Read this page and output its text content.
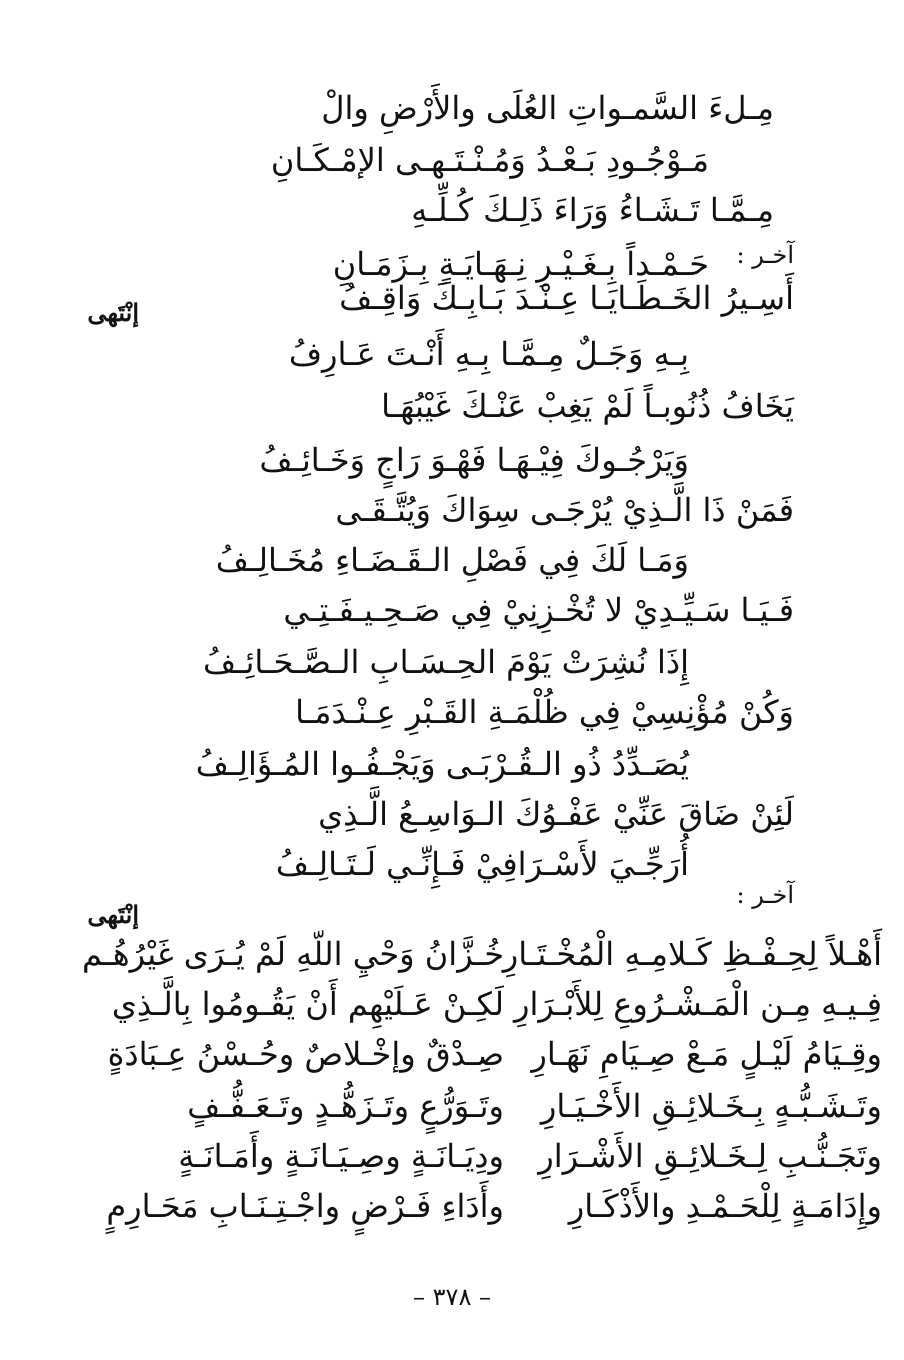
مِـلءَ السَّمـواتِ العُلَى والأَرْضِ والْ
مَـوْجُـودِ بَـعْـدُ وَمُـنْـتَـهـى الإمْـكَـانِ
مِـمَّـا تَـشَـاءُ وَرَاءَ ذَلِـكَ كُـلِّـهِ
حَـمْـداً بِـغَـيْـرِ نِـهَـايَـةٍ بِـزَمَـانِ آخـر :
إنْتَهى	أَسِـيرُ الخَـطَـايَـا عِـنْـدَ بَـابِـكَ وَاقِـفُ
بِـهِ وَجَـلٌ مِـمَّـا بِـهِ أَنْـتَ عَـارِفُ
يَخَافُ ذُنُوبـاً لَمْ يَغِبْ عَنْـكَ غَيْبُهَـا
وَيَرْجُـوكَ فِيْـهَـا فَهْـوَ رَاجٍ وَخَـائِـفُ
فَمَنْ ذَا الَّـذِيْ يُرْجَـى سِوَاكَ وَيُتَّـقَـى
وَمَـا لَكَ فِي فَصْلِ الـقَـضَـاءِ مُخَـالِـفُ
فَـيَـا سَـيِّـدِيْ لا تُخْـزِنِيْ فِي صَـحِـيـفَـتِـي
إِذَا نُشِرَتْ يَوْمَ الحِـسَـابِ الـصَّـحَـائِـفُ
وَكُنْ مُؤْنِسِيْ فِي ظُلْمَـةِ القَـبْرِ عِـنْـدَمَـا
يُصَـدِّدُ ذُو الـقُـرْبَـى وَيَجْـفُـوا المُـؤَالِـفُ
لَئِنْ ضَاقَ عَنِّيْ عَفْـوُكَ الـوَاسِـعُ الَّـذِي
أُرَجِّـيَ لأَسْـرَافِيْ فَـإِنِّـي لَـتَـالِـفُ
آخـر :
إنْتَهى
خُـزَّانُ وَحْيِ اللّهِ لَمْ يُـرَى غَيْرُهُـم
أَهْـلاً لِحِـفْـظِ كَـلامِـهِ الْمُخْـتَـارِ
لَكِـنْ عَـلَيْهِم أَنْ يَقُـومُوا بِالَّـذِي فِـيـهِ مِـن الْمَـشْـرُوعِ لِلأَبْـرَارِ
صِـدْقٌ وإخْـلاصٌ وحُـسْنُ عِـبَادَةٍ وقِـيَامُ لَيْـلٍ مَـعْ صِـيَامِ نَهَـارِ
وتَـوَرُّعٍ وتَـزَهُّـدٍ وتَـعَـفُّـفٍ وتَـشَـبُّـهٍ بِـخَـلائِـقِ الأَخْـيَـارِ
ودِيَـانَـةٍ وصِـيَـانَـةٍ وأَمَـانَـةٍ وتَجَـنُّـبِ لِـخَـلائِـقِ الأَشْـرَارِ
وأَدَاءِ فَـرْضٍ واجْـتِـنَـابِ مَحَـارِمٍ وإِدَامَـةٍ لِلْحَـمْـدِ والأَذْكَـارِ
– ٣٧٨ –
